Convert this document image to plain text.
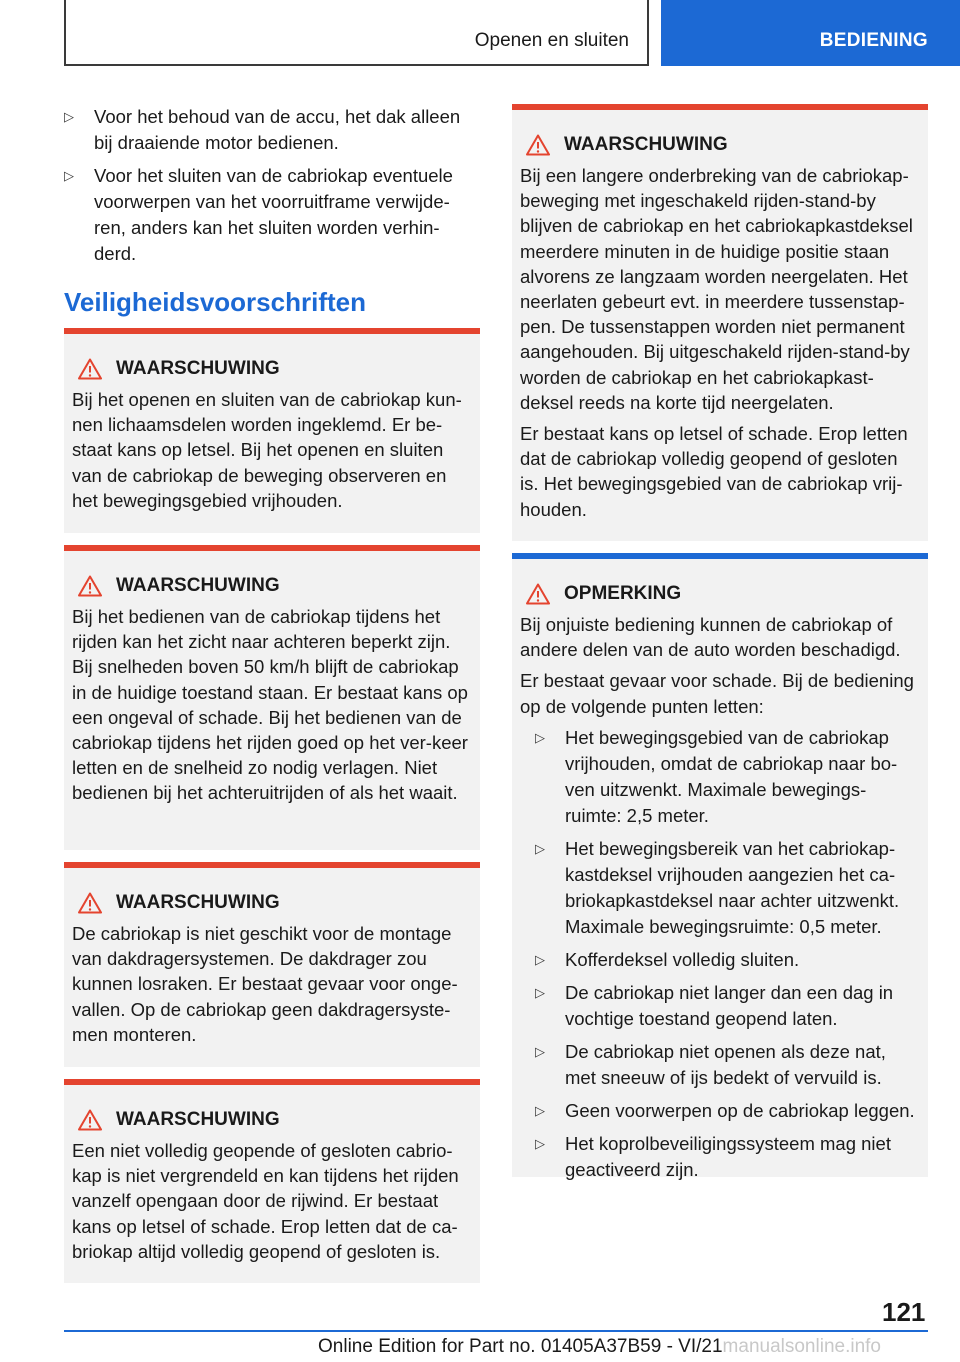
Openen en sluiten	BEDIENING
▷ Voor het behoud van de accu, het dak alleen bij draaiende motor bedienen.
▷ Voor het sluiten van de cabriokap eventuele voorwerpen van het voorruitframe verwijde-ren, anders kan het sluiten worden verhin-derd.
Veiligheidsvoorschriften
WAARSCHUWING

Bij het openen en sluiten van de cabriokap kun-nen lichaamsdelen worden ingeklemd. Er be-staat kans op letsel. Bij het openen en sluiten van de cabriokap de beweging observeren en het bewegingsgebied vrijhouden.

WAARSCHUWING

Bij het bedienen van de cabriokap tijdens het rijden kan het zicht naar achteren beperkt zijn. Bij snelheden boven 50 km/h blijft de cabriokap in de huidige toestand staan. Er bestaat kans op een ongeval of schade. Bij het bedienen van de cabriokap tijdens het rijden goed op het ver-keer letten en de snelheid zo nodig verlagen. Niet bedienen bij het achteruitrijden of als het waait.

WAARSCHUWING

De cabriokap is niet geschikt voor de montage van dakdragersystemen. De dakdrager zou kunnen losraken. Er bestaat gevaar voor onge-vallen. Op de cabriokap geen dakdragersyste-men monteren.

WAARSCHUWING

Een niet volledig geopende of gesloten cabrio-kap is niet vergrendeld en kan tijdens het rijden vanzelf opengaan door de rijwind. Er bestaat kans op letsel of schade. Erop letten dat de ca-briokap altijd volledig geopend of gesloten is.

WAARSCHUWING

Bij een langere onderbreking van de cabriokap-beweging met ingeschakeld rijden-stand-by blijven de cabriokap en het cabriokapkastdeksel meerdere minuten in de huidige positie staan alvorens ze langzaam worden neergelaten. Het neerlaten gebeurt evt. in meerdere tussenstap-pen. De tussenstappen worden niet permanent aangehouden. Bij uitgeschakeld rijden-stand-by worden de cabriokap en het cabriokapkast-deksel reeds na korte tijd neergelaten.

Er bestaat kans op letsel of schade. Erop letten dat de cabriokap volledig geopend of gesloten is. Het bewegingsgebied van de cabriokap vrij-houden.

OPMERKING

Bij onjuiste bediening kunnen de cabriokap of andere delen van de auto worden beschadigd.

Er bestaat gevaar voor schade. Bij de bediening op de volgende punten letten:

▷ Het bewegingsgebied van de cabriokap vrijhouden, omdat de cabriokap naar bo-ven uitzwenkt. Maximale bewegings-ruimte: 2,5 meter.
▷ Het bewegingsbereik van het cabriokap-kastdeksel vrijhouden aangezien het ca-briokapkastdeksel naar achter uitzwenkt. Maximale bewegingsruimte: 0,5 meter.
▷ Kofferdeksel volledig sluiten.
▷ De cabriokap niet langer dan een dag in vochtige toestand geopend laten.
▷ De cabriokap niet openen als deze nat, met sneeuw of ijs bedekt of vervuild is.
▷ Geen voorwerpen op de cabriokap leggen.
▷ Het koprolbeveiligingssysteem mag niet geactiveerd zijn.
121
Online Edition for Part no. 01405A37B59 - VI/21manualsonline.info
